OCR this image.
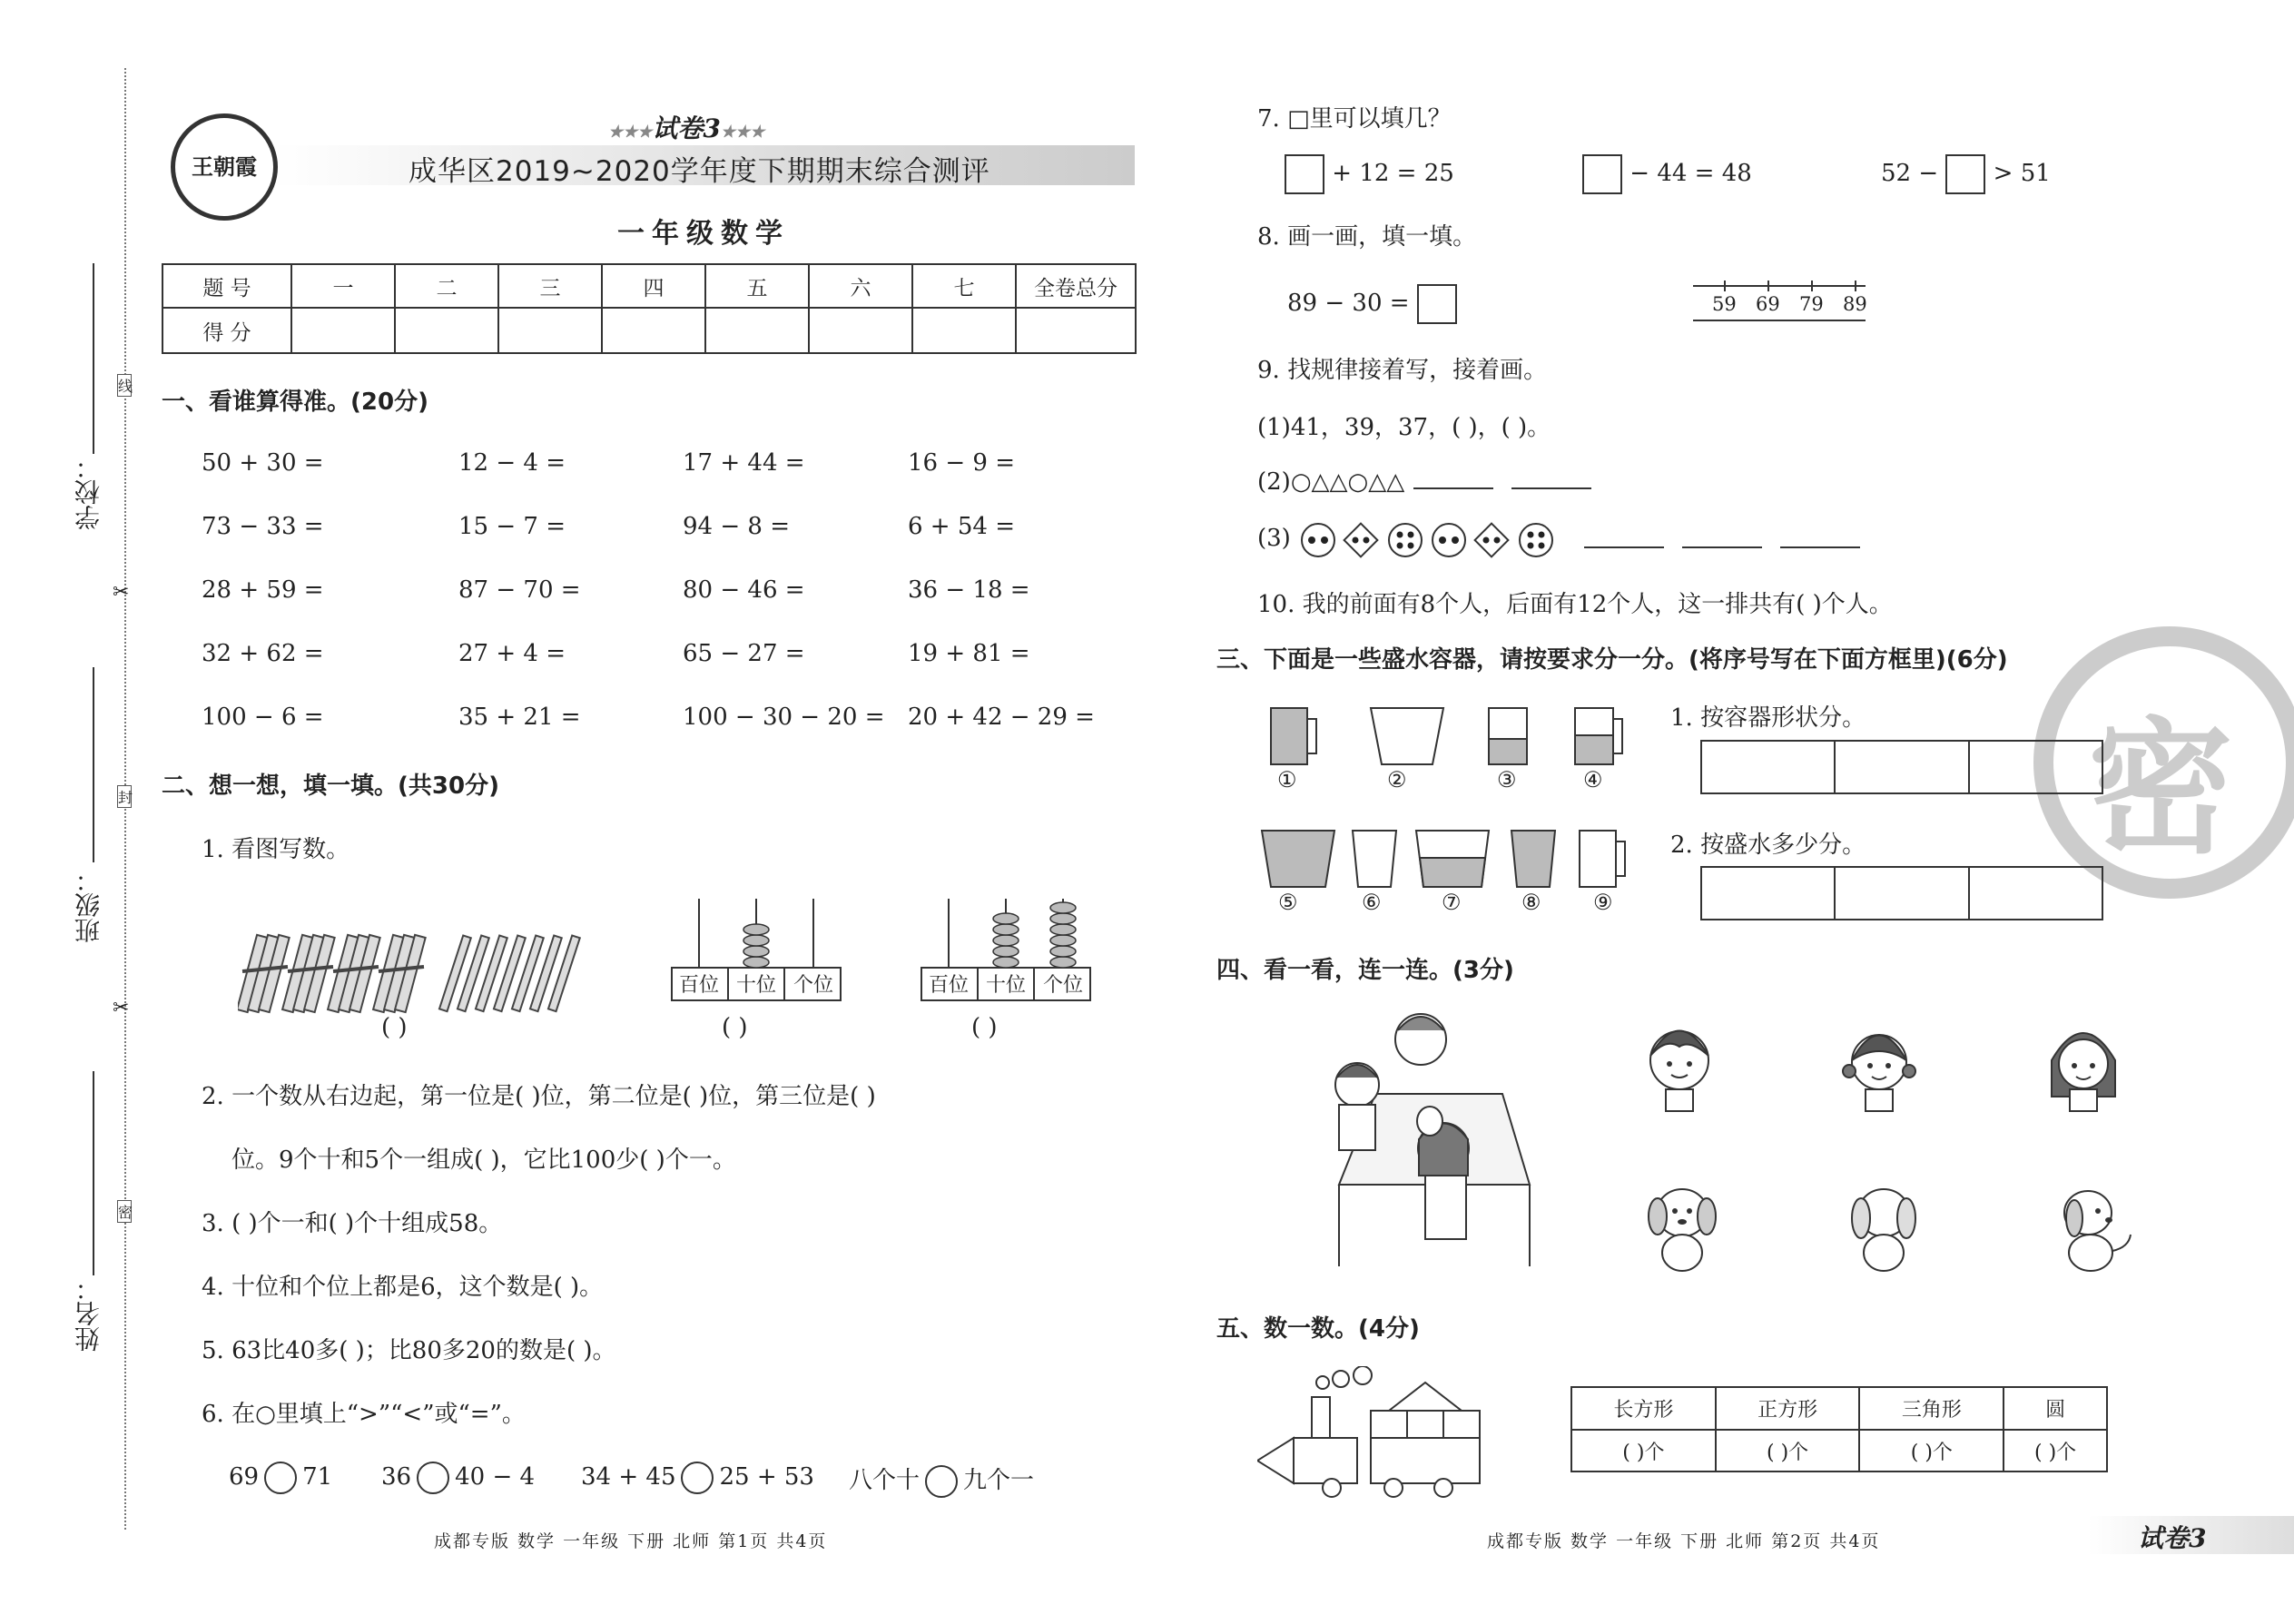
学校：
班级：
姓名：
线
封
密
✂
✂
王朝霞
★★★试卷3★★★
成华区2019~2020学年度下期期末综合测评
一年级数学
题 号	一	二	三	四	五	六	七	全卷总分
得 分								
一、看谁算得准。(20分)
50 + 30 =	12 − 4 =	17 + 44 =	16 − 9 =
73 − 33 =	15 − 7 =	94 − 8 =	6 + 54 =
28 + 59 =	87 − 70 =	80 − 46 =	36 − 18 =
32 + 62 =	27 + 4 =	65 − 27 =	19 + 81 =
100 − 6 =	35 + 21 =	100 − 30 − 20 = 20 + 42 − 29 =
二、想一想，填一填。(共30分)
1. 看图写数。
( )
百位 十位 个位
( )
百位 十位 个位
( )
2. 一个数从右边起，第一位是( )位，第二位是( )位，第三位是( )
位。9个十和5个一组成( )，它比100少( )个一。
3. ( )个一和( )个十组成58。
4. 十位和个位上都是6，这个数是( )。
5. 63比40多( )；比80多20的数是( )。
6. 在○里填上“>”“<”或“=”。
69 71 36 40 − 4 34 + 45 25 + 53 八个十 九个一
成都专版 数学 一年级 下册 北师 第1页 共4页
7. □里可以填几？
+ 12 = 25	− 44 = 48	52 − > 51
8. 画一画，填一填。
89 − 30 =	59 69 79 89
9. 找规律接着写，接着画。
(1)41，39，37，( )，( )。
(2)○△△○△△
(3)
10. 我的前面有8个人，后面有12个人，这一排共有( )个人。
密
三、下面是一些盛水容器，请按要求分一分。(将序号写在下面方框里)(6分)
①	②	③	④
⑤	⑥	⑦	⑧ ⑨
1. 按容器形状分。

2. 按盛水多少分。

四、看一看，连一连。(3分)
五、数一数。(4分)
长方形	正方形	三角形	圆
( )个	( )个	( )个	( )个
成都专版 数学 一年级 下册 北师 第2页 共4页	试卷3
